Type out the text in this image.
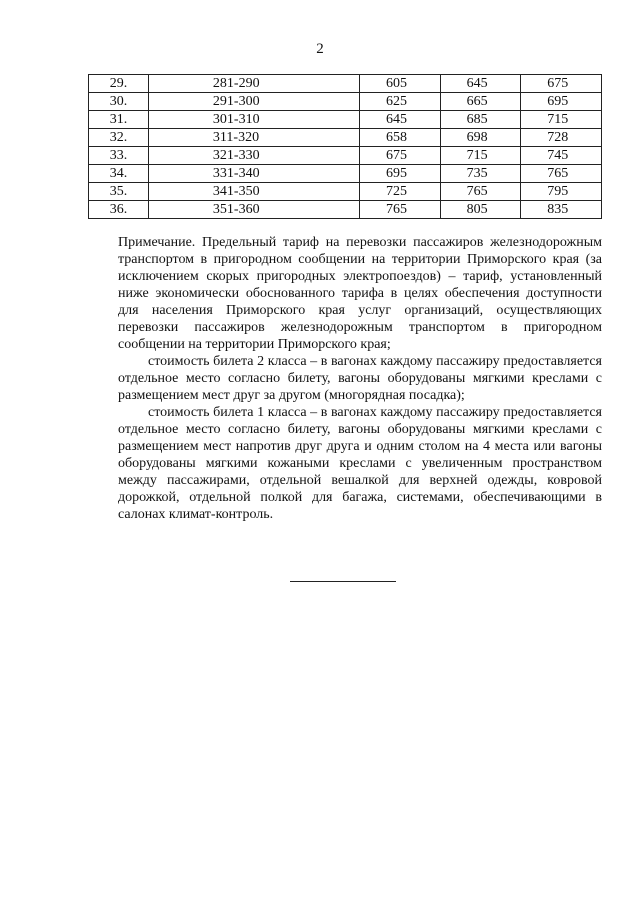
2
29.	281-290	605	645	675
30.	291-300	625	665	695
31.	301-310	645	685	715
32.	311-320	658	698	728
33.	321-330	675	715	745
34.	331-340	695	735	765
35.	341-350	725	765	795
36.	351-360	765	805	835

Примечание. Предельный тариф на перевозки пассажиров железнодорожным транспортом в пригородном сообщении на территории Приморского края (за исключением скорых пригородных электропоездов) – тариф, установленный ниже экономически обоснованного тарифа в целях обеспечения доступности для населения Приморского края услуг организаций, осуществляющих перевозки пассажиров железнодорожным транспортом в пригородном сообщении на территории Приморского края;

стоимость билета 2 класса – в вагонах каждому пассажиру предоставляется отдельное место согласно билету, вагоны оборудованы мягкими креслами с размещением мест друг за другом (многорядная посадка);

стоимость билета 1 класса – в вагонах каждому пассажиру предоставляется отдельное место согласно билету, вагоны оборудованы мягкими креслами с размещением мест напротив друг друга и одним столом на 4 места или вагоны оборудованы мягкими кожаными креслами с увеличенным пространством между пассажирами, отдельной вешалкой для верхней одежды, ковровой дорожкой, отдельной полкой для багажа, системами, обеспечивающими в салонах климат-контроль.
